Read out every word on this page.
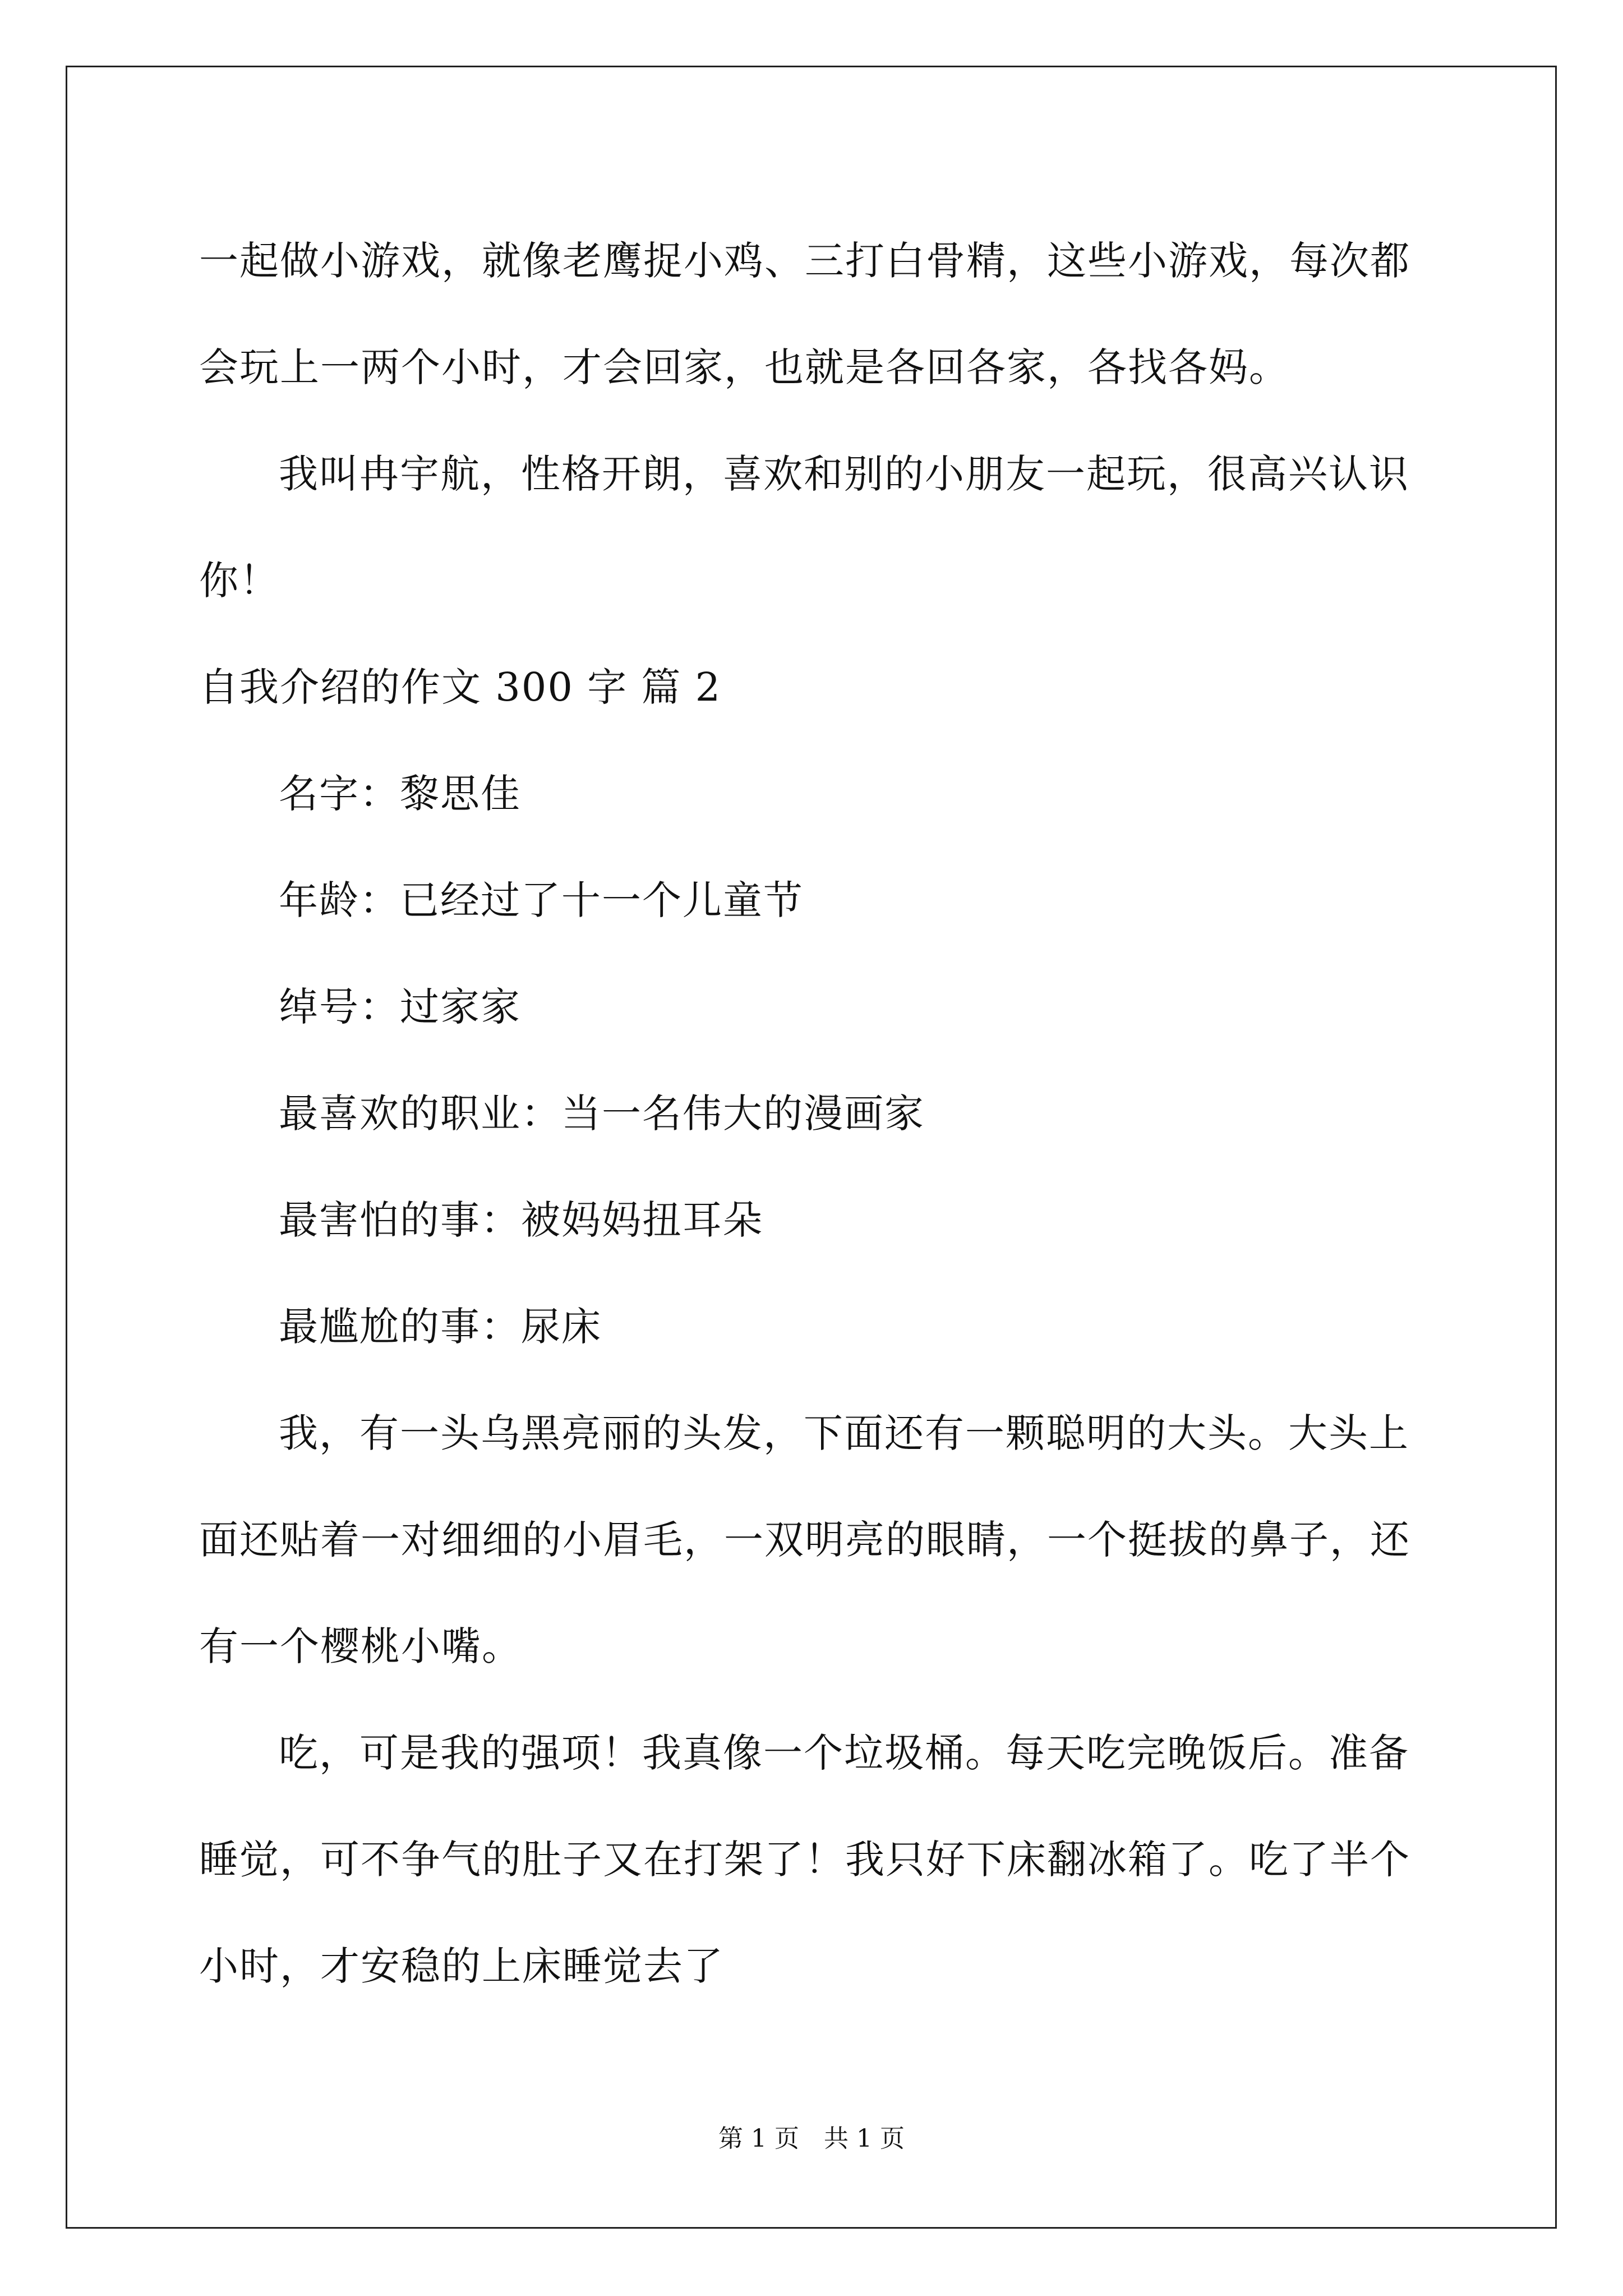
一起做小游戏，就像老鹰捉小鸡、三打白骨精，这些小游戏，每次都
会玩上一两个小时，才会回家，也就是各回各家，各找各妈。
我叫冉宇航，性格开朗，喜欢和别的小朋友一起玩，很高兴认识
你！
自我介绍的作文 300 字 篇 2
名字：黎思佳
年龄：已经过了十一个儿童节
绰号：过家家
最喜欢的职业：当一名伟大的漫画家
最害怕的事：被妈妈扭耳朵
最尴尬的事：尿床
我，有一头乌黑亮丽的头发，下面还有一颗聪明的大头。大头上
面还贴着一对细细的小眉毛，一双明亮的眼睛，一个挺拔的鼻子，还
有一个樱桃小嘴。
吃，可是我的强项！我真像一个垃圾桶。每天吃完晚饭后。准备
睡觉，可不争气的肚子又在打架了！我只好下床翻冰箱了。吃了半个
小时，才安稳的上床睡觉去了
第 1 页　共 1 页
